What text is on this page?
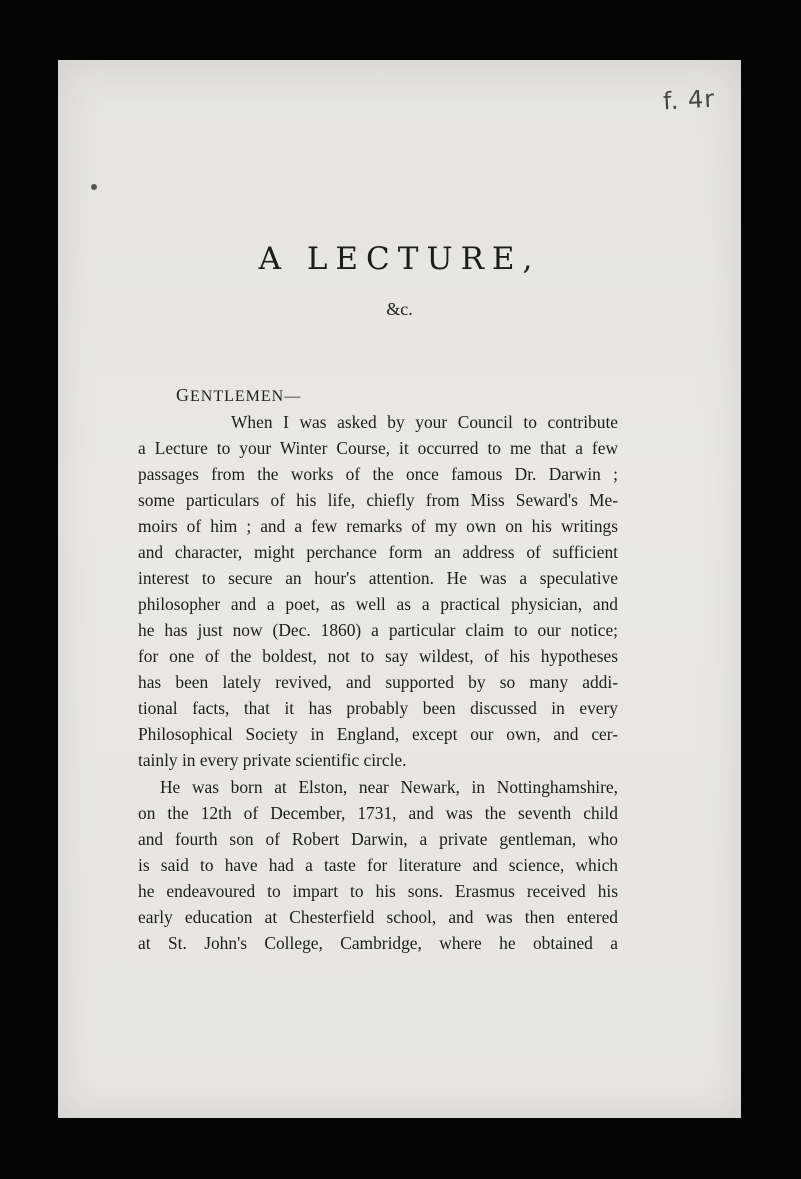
f. 4r
A LECTURE,
&c.
GENTLEMEN—
When I was asked by your Council to contribute
a Lecture to your Winter Course, it occurred to me that a few
passages from the works of the once famous Dr. Darwin ;
some particulars of his life, chiefly from Miss Seward's Me-
moirs of him ; and a few remarks of my own on his writings
and character, might perchance form an address of sufficient
interest to secure an hour's attention. He was a speculative
philosopher and a poet, as well as a practical physician, and
he has just now (Dec. 1860) a particular claim to our notice;
for one of the boldest, not to say wildest, of his hypotheses
has been lately revived, and supported by so many addi-
tional facts, that it has probably been discussed in every
Philosophical Society in England, except our own, and cer-
tainly in every private scientific circle.
He was born at Elston, near Newark, in Nottinghamshire,
on the 12th of December, 1731, and was the seventh child
and fourth son of Robert Darwin, a private gentleman, who
is said to have had a taste for literature and science, which
he endeavoured to impart to his sons. Erasmus received his
early education at Chesterfield school, and was then entered
at St. John's College, Cambridge, where he obtained a
